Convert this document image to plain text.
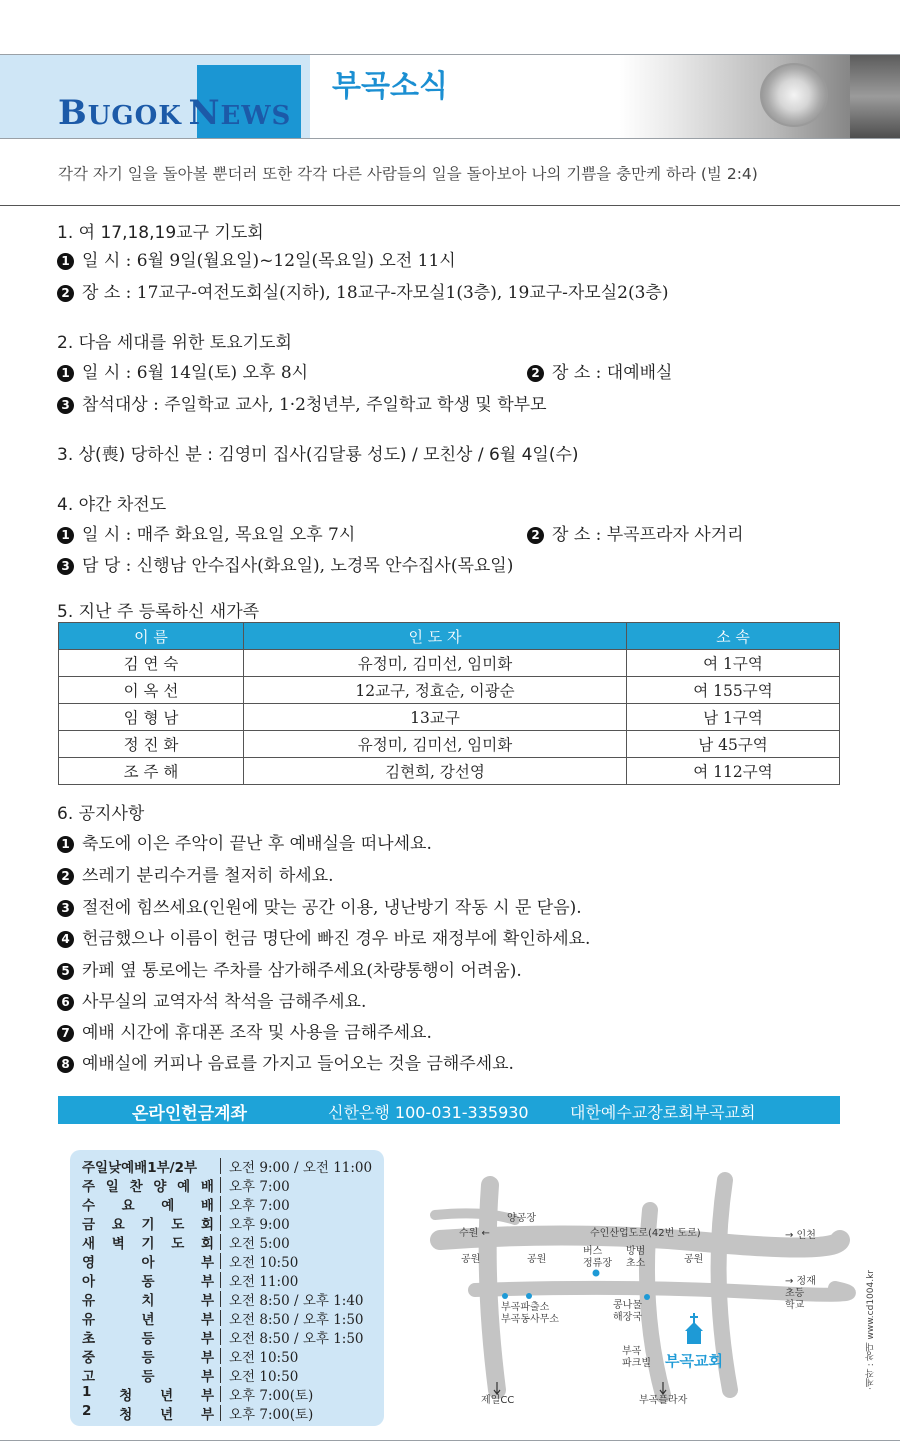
BUGOK NEWS
부곡소식
각각 자기 일을 돌아볼 뿐더러 또한 각각 다른 사람들의 일을 돌아보아 나의 기쁨을 충만케 하라 (빌 2:4)
1. 여 17,18,19교구 기도회
1 일 시 : 6월 9일(월요일)~12일(목요일) 오전 11시
2 장 소 : 17교구-여전도회실(지하), 18교구-자모실1(3층), 19교구-자모실2(3층)
2. 다음 세대를 위한 토요기도회
1 일 시 : 6월 14일(토) 오후 8시	2 장 소 : 대예배실
3 참석대상 : 주일학교 교사, 1·2청년부, 주일학교 학생 및 학부모
3. 상(喪) 당하신 분 : 김영미 집사(김달룡 성도) / 모친상 / 6월 4일(수)
4. 야간 차전도
1 일 시 : 매주 화요일, 목요일 오후 7시	2 장 소 : 부곡프라자 사거리
3 담 당 : 신행남 안수집사(화요일), 노경목 안수집사(목요일)
5. 지난 주 등록하신 새가족
이 름	인 도 자	소 속
김 연 숙	유정미, 김미선, 임미화	여 1구역
이 옥 선	12교구, 정효순, 이광순	여 155구역
임 형 남	13교구	남 1구역
정 진 화	유정미, 김미선, 임미화	남 45구역
조 주 해	김현희, 강선영	여 112구역
6. 공지사항
1 축도에 이은 주악이 끝난 후 예배실을 떠나세요.
2 쓰레기 분리수거를 철저히 하세요.
3 절전에 힘쓰세요(인원에 맞는 공간 이용, 냉난방기 작동 시 문 닫음).
4 헌금했으나 이름이 헌금 명단에 빠진 경우 바로 재정부에 확인하세요.
5 카페 옆 통로에는 주차를 삼가해주세요(차량통행이 어려움).
6 사무실의 교역자석 착석을 금해주세요.
7 예배 시간에 휴대폰 조작 및 사용을 금해주세요.
8 예배실에 커피나 음료를 가지고 들어오는 것을 금해주세요.
온라인헌금계좌	신한은행 100-031-335930	대한예수교장로회부곡교회
주일낮예배1부/2부	오전 9:00 / 오전 11:00
주 일 찬 양 예 배 오후 7:00
수 요 예 배 오후 7:00
금 요 기 도 회 오후 9:00
새 벽 기 도 회 오전 5:00
영	아	부 오전 10:50
아	동	부 오전 11:00
유	치	부 오전 8:50 / 오후 1:40
유	년	부 오전 8:50 / 오후 1:50
초	등	부 오전 8:50 / 오후 1:50
중	등	부 오전 10:50
고	등	부 오전 10:50
1 청 년 부 오후 7:00(토)
2 청 년 부 오후 7:00(토)
양공장
수원 ←	수인산업도로(42번 도로)	→ 인천
공원	공원
버스
정류장
방범
초소	공원
→ 정재
초등
학교
부곡파출소
부곡동사무소
콩나물
해장국
부곡
파크빌 부곡교회
제일CC	부곡플라자
·제작 : 창대 www.cd1004.kr
